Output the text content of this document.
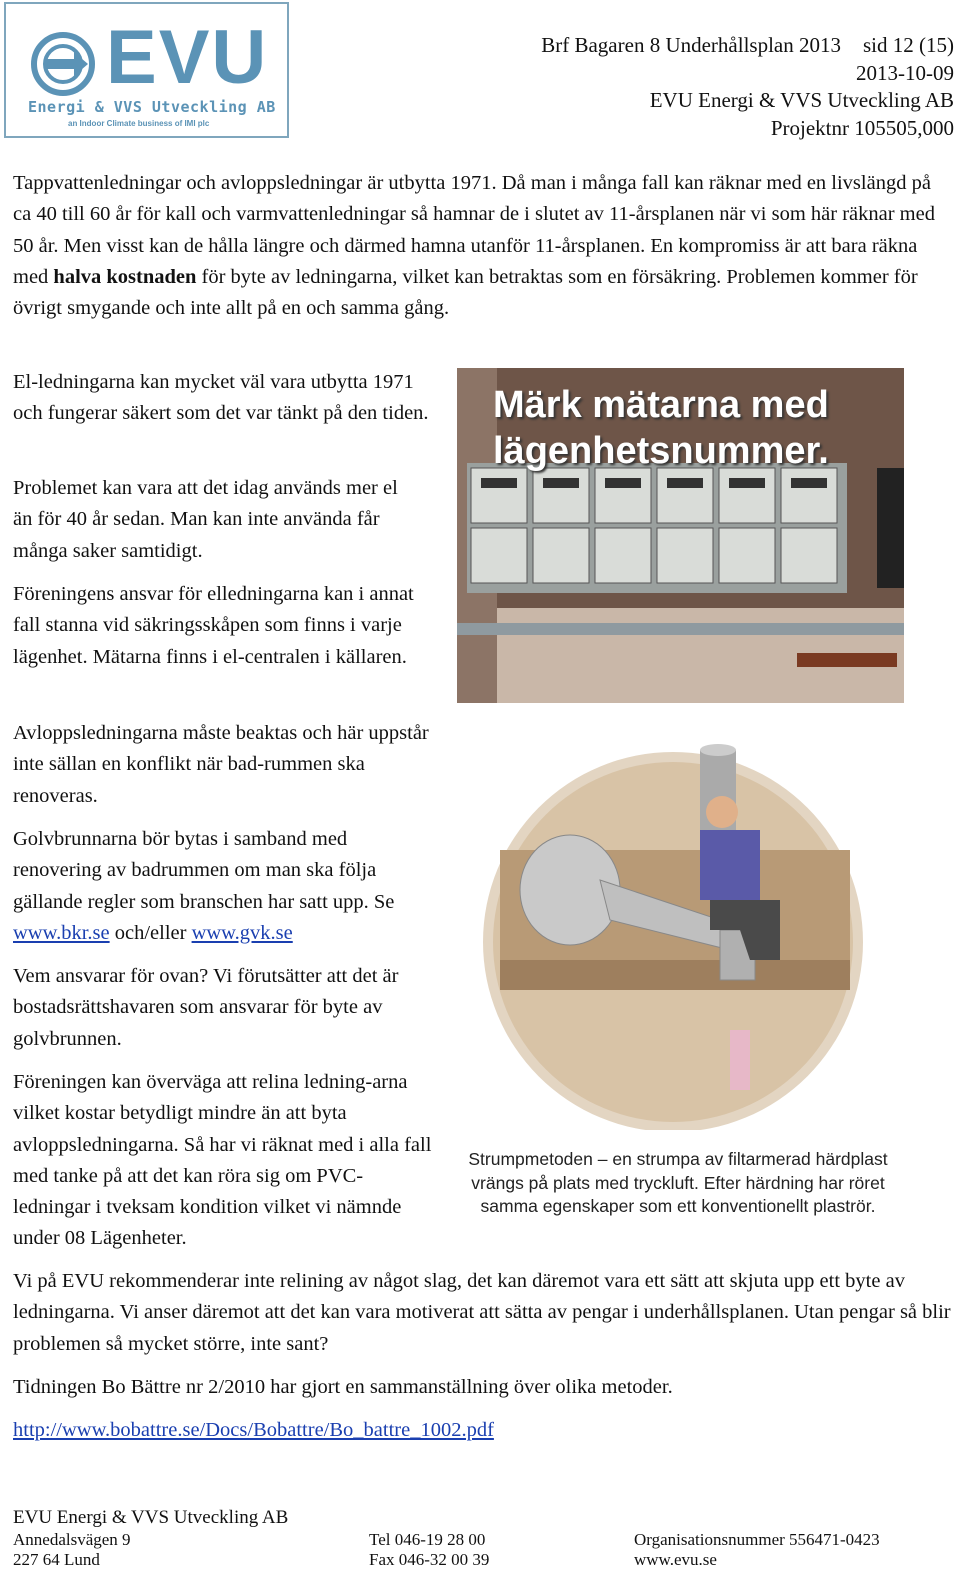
EVU
Energi & VVS Utveckling AB
an Indoor Climate business of IMI plc
Brf Bagaren 8 Underhållsplan 2013 sid 12 (15)
2013-10-09
EVU Energi & VVS Utveckling AB
Projektnr 105505,000
Tappvattenledningar och avloppsledningar är utbytta 1971. Då man i många fall kan räknar med en livslängd på ca 40 till 60 år för kall och varmvattenledningar så hamnar de i slutet av 11-årsplanen när vi som här räknar med 50 år. Men visst kan de hålla längre och därmed hamna utanför 11-årsplanen. En kompromiss är att bara räkna med halva kostnaden för byte av ledningarna, vilket kan betraktas som en försäkring. Problemen kommer för övrigt smygande och inte allt på en och samma gång.
El-ledningarna kan mycket väl vara utbytta 1971 och fungerar säkert som det var tänkt på den tiden.
Problemet kan vara att det idag används mer el än för 40 år sedan. Man kan inte använda får många saker samtidigt.
Föreningens ansvar för elledningarna kan i annat fall stanna vid säkringsskåpen som finns i varje lägenhet. Mätarna finns i el-centralen i källaren.
Avloppsledningarna måste beaktas och här uppstår inte sällan en konflikt när bad-rummen ska renoveras.
Golvbrunnarna bör bytas i samband med renovering av badrummen om man ska följa gällande regler som branschen har satt upp. Se www.bkr.se och/eller www.gvk.se
Vem ansvarar för ovan? Vi förutsätter att det är bostadsrättshavaren som ansvarar för byte av golvbrunnen.
Föreningen kan överväga att relina ledning-arna vilket kostar betydligt mindre än att byta avloppsledningarna. Så har vi räknat med i alla fall med tanke på att det kan röra sig om PVC-ledningar i tveksam kondition vilket vi nämnde under 08 Lägenheter.
Märk mätarna med
lägenhetsnummer.
Strumpmetoden – en strumpa av filtarmerad härdplast vrängs på plats med tryckluft. Efter härdning har röret samma egenskaper som ett konventionellt plaströr.
Vi på EVU rekommenderar inte relining av något slag, det kan däremot vara ett sätt att skjuta upp ett byte av ledningarna. Vi anser däremot att det kan vara motiverat att sätta av pengar i underhållsplanen. Utan pengar så blir problemen så mycket större, inte sant?
Tidningen Bo Bättre nr 2/2010 har gjort en sammanställning över olika metoder.
http://www.bobattre.se/Docs/Bobattre/Bo_battre_1002.pdf
EVU Energi & VVS Utveckling AB
Annedalsvägen 9
227 64 Lund
Tel 046-19 28 00
Fax 046-32 00 39
Organisationsnummer 556471-0423
www.evu.se
